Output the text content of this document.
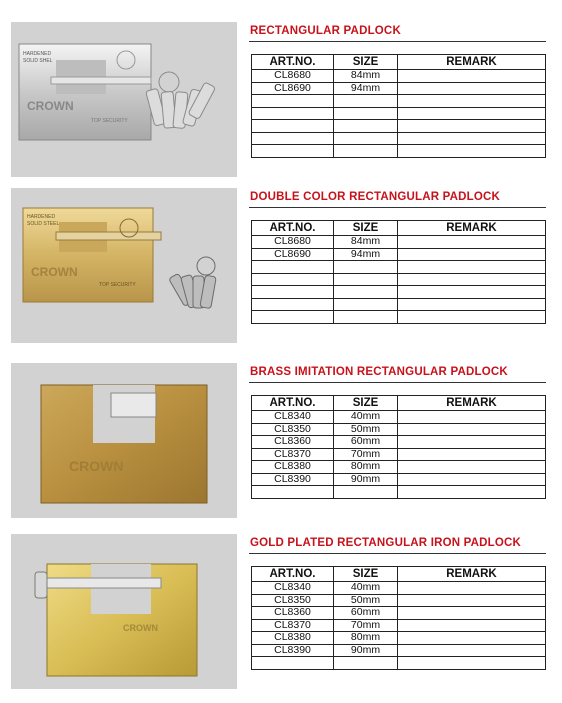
HARDENED
SOLID SHEL
CROWN
TOP SECURITY
RECTANGULAR PADLOCK
ART.NO.	SIZE	REMARK
CL8680	84mm	
CL8690	94mm	

HARDENED
SOLID STEEL
CROWN
TOP SECURITY
DOUBLE COLOR RECTANGULAR PADLOCK
ART.NO.	SIZE	REMARK
CL8680	84mm	
CL8690	94mm	

CROWN
BRASS IMITATION RECTANGULAR PADLOCK
ART.NO.	SIZE	REMARK
CL8340	40mm	
CL8350	50mm	
CL8360	60mm	
CL8370	70mm	
CL8380	80mm	
CL8390	90mm	

CROWN
GOLD PLATED RECTANGULAR IRON PADLOCK
ART.NO.	SIZE	REMARK
CL8340	40mm	
CL8350	50mm	
CL8360	60mm	
CL8370	70mm	
CL8380	80mm	
CL8390	90mm	
